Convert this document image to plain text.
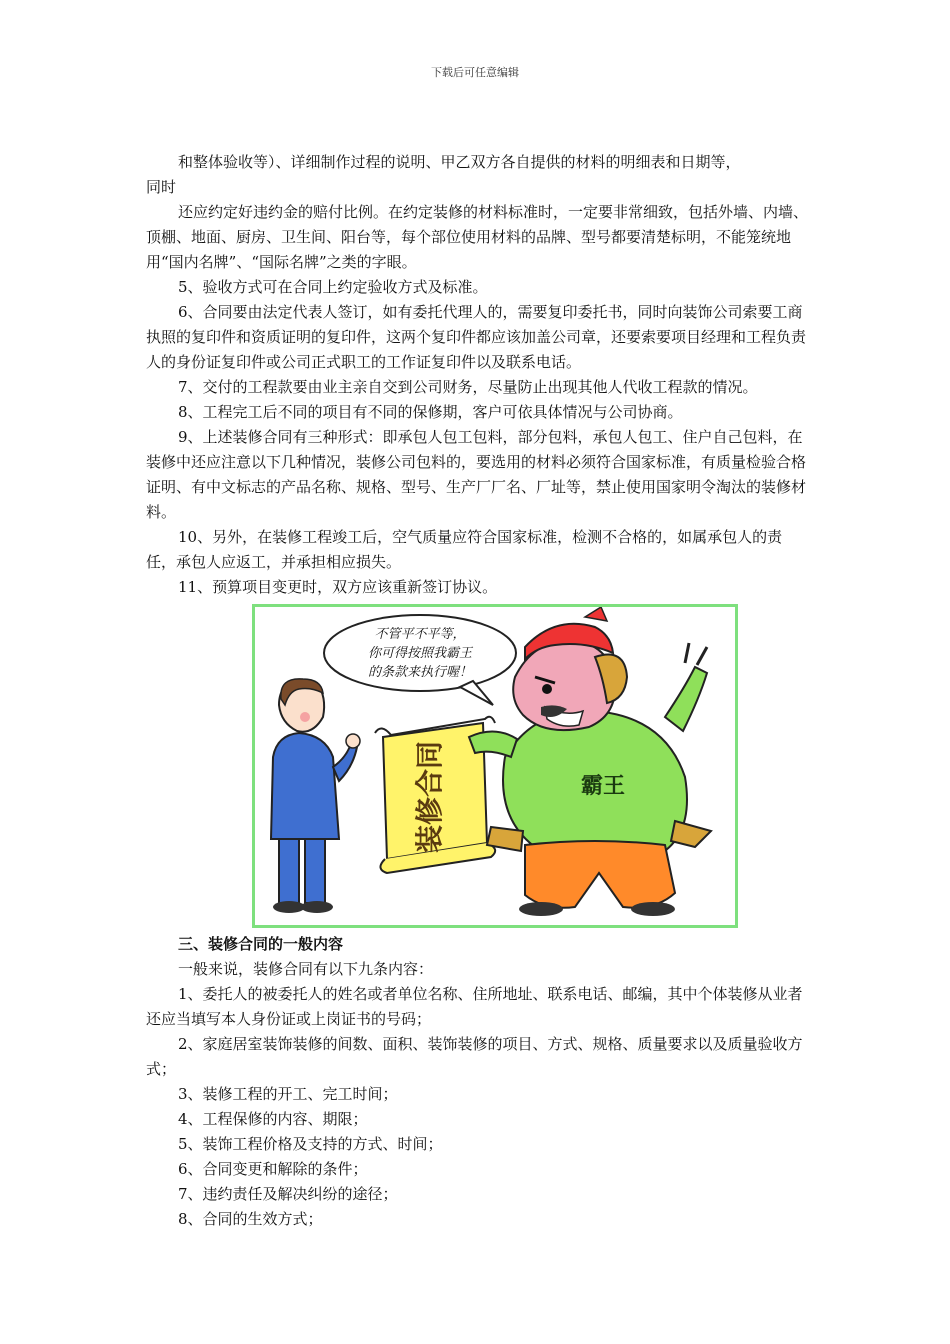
下载后可任意编辑

和整体验收等）、详细制作过程的说明、甲乙双方各自提供的材料的明细表和日期等，

同时

还应约定好违约金的赔付比例。在约定装修的材料标准时，一定要非常细致，包括外墙、内墙、顶棚、地面、厨房、卫生间、阳台等，每个部位使用材料的品牌、型号都要清楚标明，不能笼统地用“国内名牌”、“国际名牌”之类的字眼。

5、验收方式可在合同上约定验收方式及标准。

6、合同要由法定代表人签订，如有委托代理人的，需要复印委托书，同时向装饰公司索要工商执照的复印件和资质证明的复印件，这两个复印件都应该加盖公司章，还要索要项目经理和工程负责人的身份证复印件或公司正式职工的工作证复印件以及联系电话。

7、交付的工程款要由业主亲自交到公司财务，尽量防止出现其他人代收工程款的情况。

8、工程完工后不同的项目有不同的保修期，客户可依具体情况与公司协商。

9、上述装修合同有三种形式：即承包人包工包料，部分包料，承包人包工、住户自己包料，在装修中还应注意以下几种情况，装修公司包料的，要选用的材料必须符合国家标准，有质量检验合格证明、有中文标志的产品名称、规格、型号、生产厂厂名、厂址等，禁止使用国家明令淘汰的装修材料。

10、另外，在装修工程竣工后，空气质量应符合国家标准，检测不合格的，如属承包人的责任，承包人应返工，并承担相应损失。

11、预算项目变更时，双方应该重新签订协议。

不管平不平等，
你可得按照我霸王
的条款来执行喔！
装修合同	霸王

三、装修合同的一般内容

一般来说，装修合同有以下九条内容：

1、委托人的被委托人的姓名或者单位名称、住所地址、联系电话、邮编，其中个体装修从业者还应当填写本人身份证或上岗证书的号码；

2、家庭居室装饰装修的间数、面积、装饰装修的项目、方式、规格、质量要求以及质量验收方式；

3、装修工程的开工、完工时间；

4、工程保修的内容、期限；

5、装饰工程价格及支持的方式、时间；

6、合同变更和解除的条件；

7、违约责任及解决纠纷的途径；

8、合同的生效方式；
